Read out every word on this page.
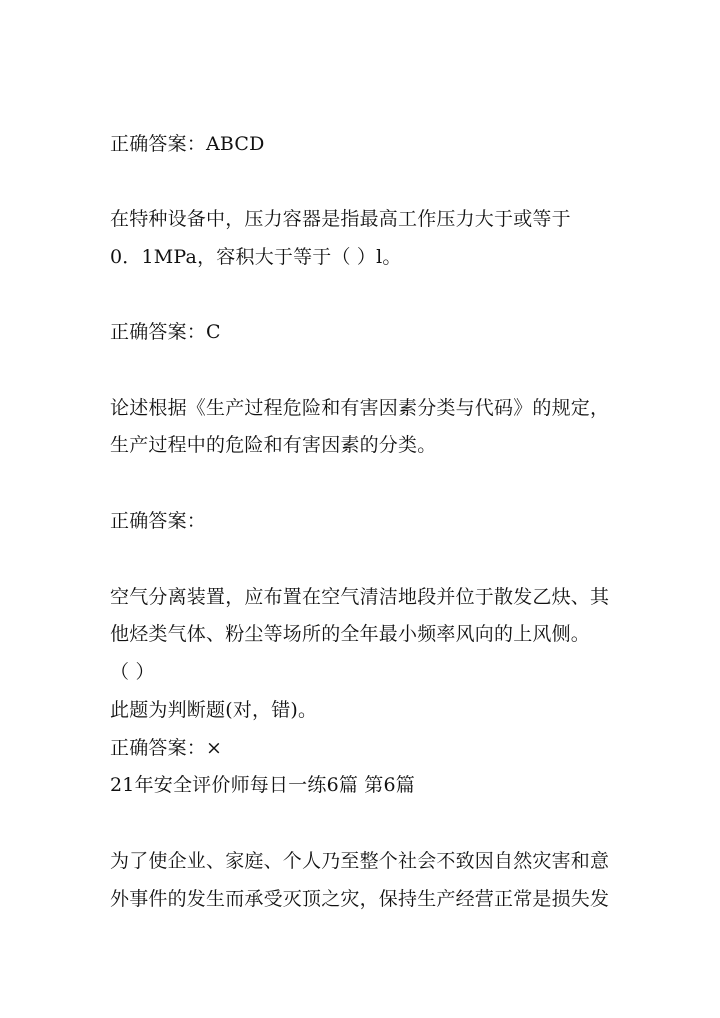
正确答案：ABCD
在特种设备中，压力容器是指最高工作压力大于或等于
0．1MPa，容积大于等于（ ）l。
正确答案：C
论述根据《生产过程危险和有害因素分类与代码》的规定，
生产过程中的危险和有害因素的分类。
正确答案：
空气分离装置，应布置在空气清洁地段并位于散发乙炔、其
他烃类气体、粉尘等场所的全年最小频率风向的上风侧。
（ ）
此题为判断题(对，错)。
正确答案：×
21年安全评价师每日一练6篇 第6篇
为了使企业、家庭、个人乃至整个社会不致因自然灾害和意
外事件的发生而承受灭顶之灾，保持生产经营正常是损失发
